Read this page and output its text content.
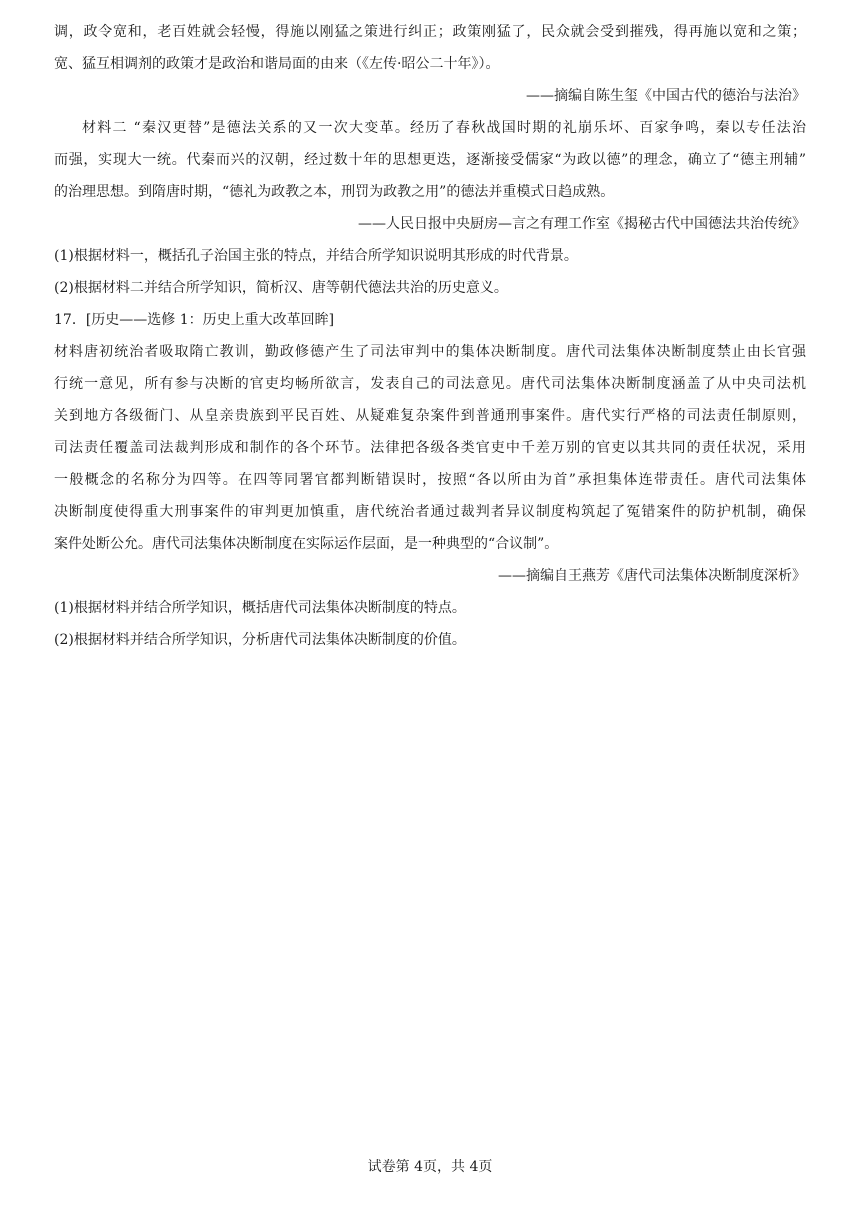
调，政令宽和，老百姓就会轻慢，得施以刚猛之策进行纠正；政策刚猛了，民众就会受到摧残，得再施以宽和之策；
宽、猛互相调剂的政策才是政治和谐局面的由来（《左传·昭公二十年》）。
——摘编自陈生玺《中国古代的德治与法治》
材料二 “秦汉更替”是德法关系的又一次大变革。经历了春秋战国时期的礼崩乐坏、百家争鸣，秦以专任法治
而强，实现大一统。代秦而兴的汉朝，经过数十年的思想更迭，逐渐接受儒家“为政以德”的理念，确立了“德主刑辅”
的治理思想。到隋唐时期，“德礼为政教之本，刑罚为政教之用”的德法并重模式日趋成熟。
——人民日报中央厨房—言之有理工作室《揭秘古代中国德法共治传统》
(1)根据材料一，概括孔子治国主张的特点，并结合所学知识说明其形成的时代背景。
(2)根据材料二并结合所学知识，简析汉、唐等朝代德法共治的历史意义。
17．[历史——选修 1：历史上重大改革回眸]
材料唐初统治者吸取隋亡教训，勤政修德产生了司法审判中的集体决断制度。唐代司法集体决断制度禁止由长官强
行统一意见，所有参与决断的官吏均畅所欲言，发表自己的司法意见。唐代司法集体决断制度涵盖了从中央司法机
关到地方各级衙门、从皇亲贵族到平民百姓、从疑难复杂案件到普通刑事案件。唐代实行严格的司法责任制原则，
司法责任覆盖司法裁判形成和制作的各个环节。法律把各级各类官吏中千差万别的官吏以其共同的责任状况，采用
一般概念的名称分为四等。在四等同署官都判断错误时，按照“各以所由为首”承担集体连带责任。唐代司法集体
决断制度使得重大刑事案件的审判更加慎重，唐代统治者通过裁判者异议制度构筑起了冤错案件的防护机制，确保
案件处断公允。唐代司法集体决断制度在实际运作层面，是一种典型的“合议制”。
——摘编自王燕芳《唐代司法集体决断制度深析》
(1)根据材料并结合所学知识，概括唐代司法集体决断制度的特点。
(2)根据材料并结合所学知识，分析唐代司法集体决断制度的价值。
试卷第 4页，共 4页
